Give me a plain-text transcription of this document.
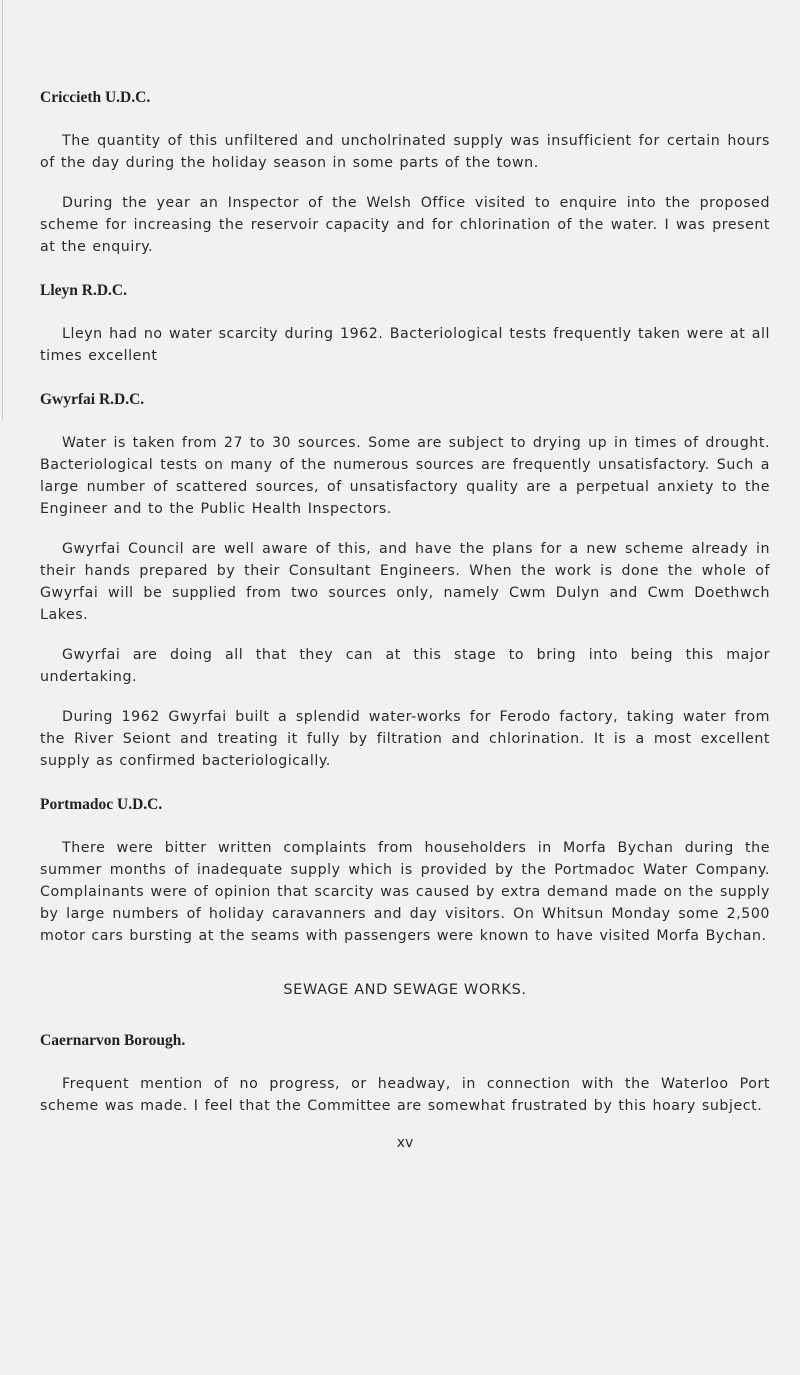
Criccieth U.D.C.

The quantity of this unfiltered and uncholrinated supply was insufficient for certain hours of the day during the holiday season in some parts of the town.

During the year an Inspector of the Welsh Office visited to enquire into the proposed scheme for increasing the reservoir capacity and for chlorination of the water. I was present at the enquiry.

Lleyn R.D.C.

Lleyn had no water scarcity during 1962. Bacteriological tests frequently taken were at all times excellent

Gwyrfai R.D.C.

Water is taken from 27 to 30 sources. Some are subject to drying up in times of drought. Bacteriological tests on many of the numerous sources are frequently unsatisfactory. Such a large number of scattered sources, of unsatisfactory quality are a perpetual anxiety to the Engineer and to the Public Health Inspectors.

Gwyrfai Council are well aware of this, and have the plans for a new scheme already in their hands prepared by their Consultant Engineers. When the work is done the whole of Gwyrfai will be supplied from two sources only, namely Cwm Dulyn and Cwm Doethwch Lakes.

Gwyrfai are doing all that they can at this stage to bring into being this major undertaking.

During 1962 Gwyrfai built a splendid water-works for Ferodo factory, taking water from the River Seiont and treating it fully by filtration and chlorination. It is a most excellent supply as confirmed bacteriologically.

Portmadoc U.D.C.

There were bitter written complaints from householders in Morfa Bychan during the summer months of inadequate supply which is provided by the Portmadoc Water Company. Complainants were of opinion that scarcity was caused by extra demand made on the supply by large numbers of holiday caravanners and day visitors. On Whitsun Monday some 2,500 motor cars bursting at the seams with passengers were known to have visited Morfa Bychan.

SEWAGE AND SEWAGE WORKS.

Caernarvon Borough.

Frequent mention of no progress, or headway, in connection with the Waterloo Port scheme was made. I feel that the Committee are somewhat frustrated by this hoary subject.

xv
